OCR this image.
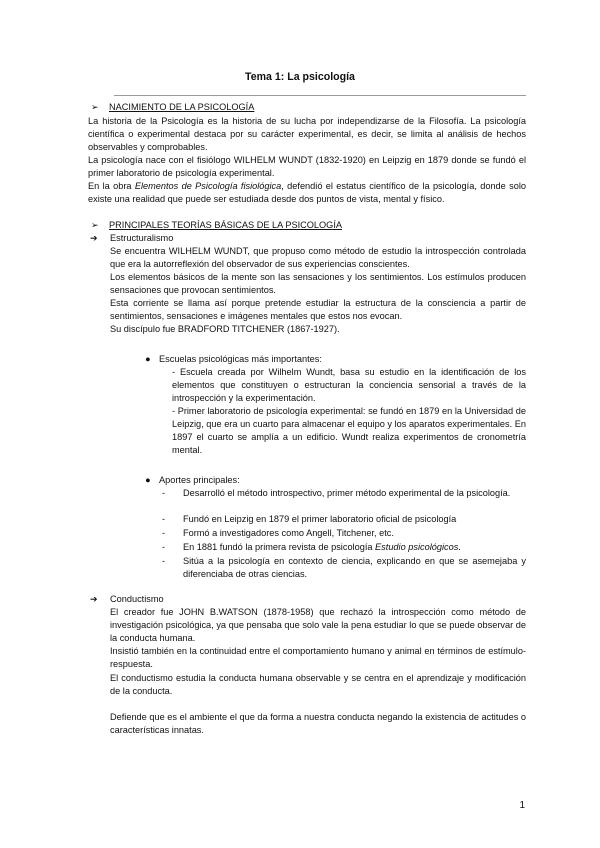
Tema 1: La psicología
➢ NACIMIENTO DE LA PSICOLOGÍA
La historia de la Psicología es la historia de su lucha por independizarse de la Filosofía. La psicología científica o experimental destaca por su carácter experimental, es decir, se limita al análisis de hechos observables y comprobables.
La psicología nace con el fisiólogo WILHELM WUNDT (1832-1920) en Leipzig en 1879 donde se fundó el primer laboratorio de psicología experimental.
En la obra Elementos de Psicología fisiológica, defendió el estatus científico de la psicología, donde solo existe una realidad que puede ser estudiada desde dos puntos de vista, mental y físico.
➢ PRINCIPALES TEORÍAS BÁSICAS DE LA PSICOLOGÍA
➔ Estructuralismo
Se encuentra WILHELM WUNDT, que propuso como método de estudio la introspección controlada que era la autorreflexión del observador de sus experiencias conscientes.
Los elementos básicos de la mente son las sensaciones y los sentimientos. Los estímulos producen sensaciones que provocan sentimientos.
Esta corriente se llama así porque pretende estudiar la estructura de la consciencia a partir de sentimientos, sensaciones e imágenes mentales que estos nos evocan.
Su discípulo fue BRADFORD TITCHENER (1867-1927).
● Escuelas psicológicas más importantes:
- Escuela creada por Wilhelm Wundt, basa su estudio en la identificación de los elementos que constituyen o estructuran la conciencia sensorial a través de la introspección y la experimentación.
- Primer laboratorio de psicología experimental: se fundó en 1879 en la Universidad de Leipzig, que era un cuarto para almacenar el equipo y los aparatos experimentales. En 1897 el cuarto se amplía a un edificio. Wundt realiza experimentos de cronometría mental.
● Aportes principales:
- Desarrolló el método introspectivo, primer método experimental de la psicología.
- Fundó en Leipzig en 1879 el primer laboratorio oficial de psicología
- Formó a investigadores como Angell, Titchener, etc.
- En 1881 fundó la primera revista de psicología Estudio psicológicos.
- Sitúa a la psicología en contexto de ciencia, explicando en que se asemejaba y diferenciaba de otras ciencias.
➔ Conductismo
El creador fue JOHN B.WATSON (1878-1958) que rechazó la introspección como método de investigación psicológica, ya que pensaba que solo vale la pena estudiar lo que se puede observar de la conducta humana.
Insistió también en la continuidad entre el comportamiento humano y animal en términos de estímulo-respuesta.
El conductismo estudia la conducta humana observable y se centra en el aprendizaje y modificación de la conducta.
Defiende que es el ambiente el que da forma a nuestra conducta negando la existencia de actitudes o características innatas.
1
